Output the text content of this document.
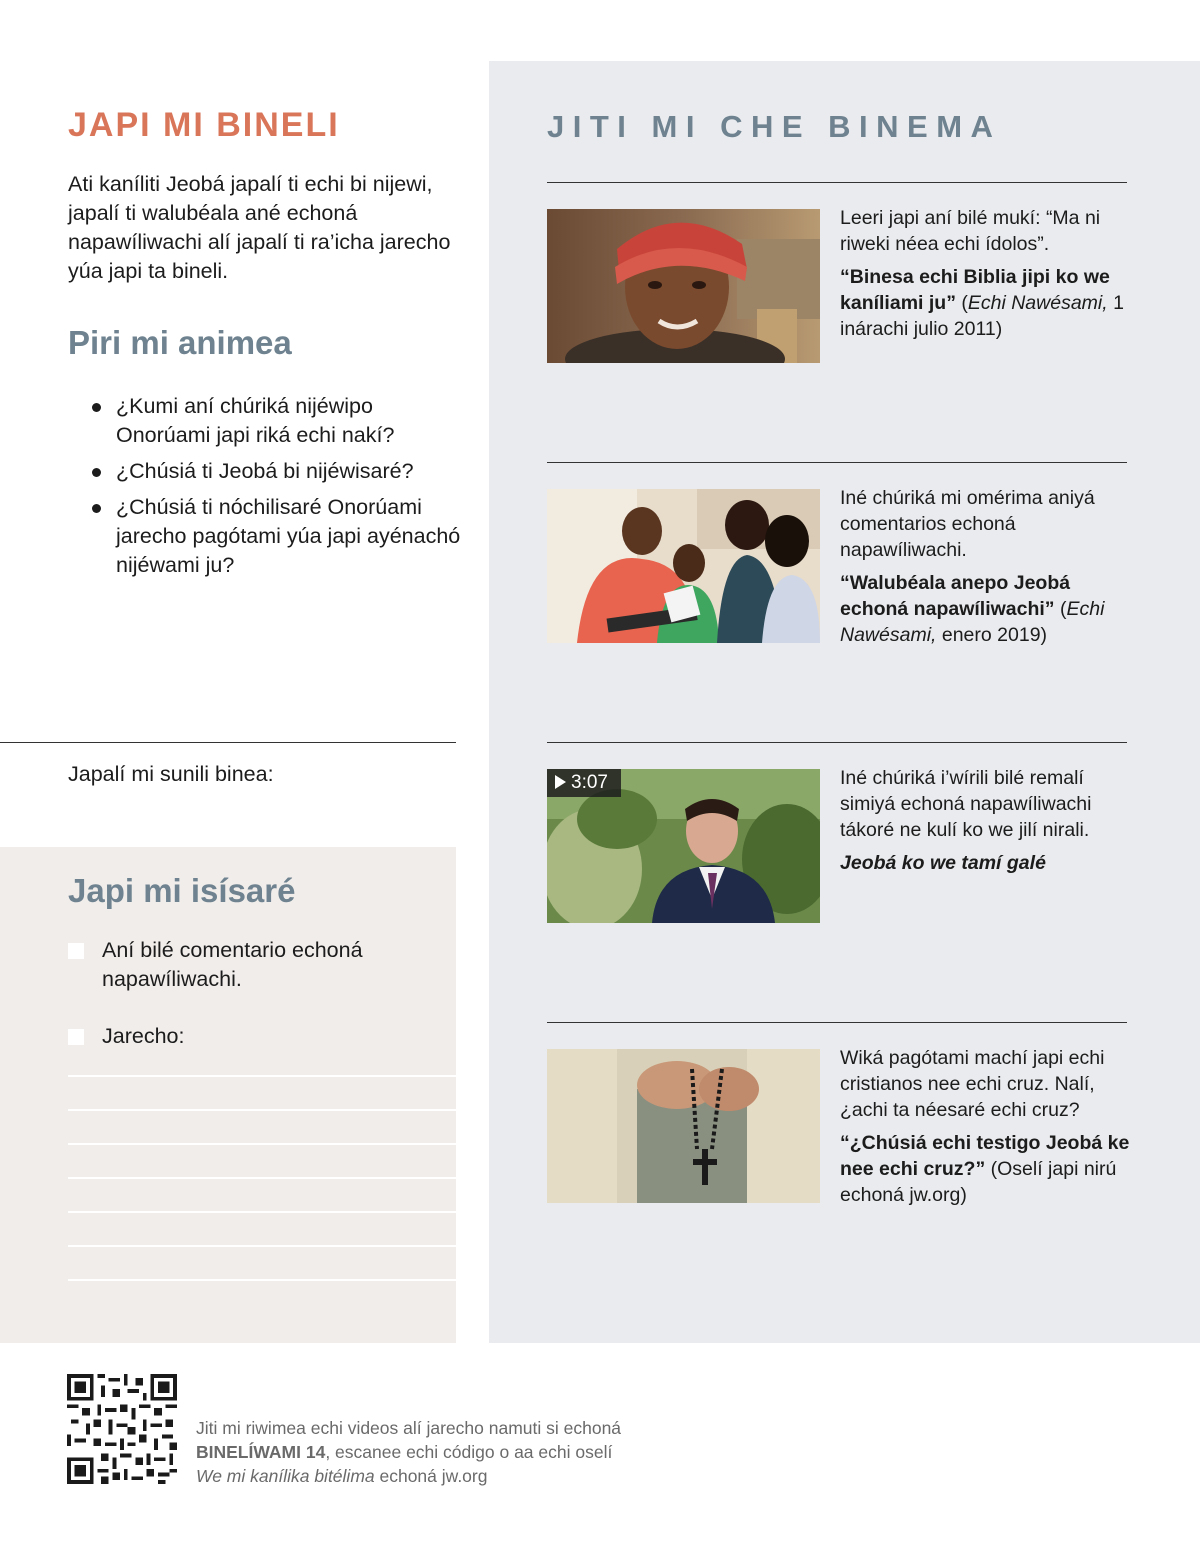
JAPI MI BINELI

Ati kaníliti Jeobá japalí ti echi bi nijewi, japalí ti walubéala ané echoná napawíliwachi alí japalí ti ra’icha jarecho yúa japi ta bineli.

Piri mi animea
¿Kumi aní chúriká nijéwipo Onorúami japi riká echi nakí?
¿Chúsiá ti Jeobá bi nijéwisaré?
¿Chúsiá ti nóchilisaré Onorúami jarecho pagótami yúa japi ayénachó nijéwami ju?
Japalí mi sunili binea:
Japi mi isísaré
Aní bilé comentario echoná napawíliwachi.
Jarecho:
JITI MI CHE BINEMA
Leeri japi aní bilé mukí: “Ma ni riweki néea echi ídolos”.
“Binesa echi Biblia jipi ko we kaníliami ju” (Echi Nawésami, 1 inárachi julio 2011)
Iné chúriká mi omérima aniyá comentarios echoná napawíliwachi.
“Walubéala anepo Jeobá echoná napawíliwachi” (Echi Nawésami, enero 2019)
3:07	Iné chúriká i’wírili bilé remalí simiyá echoná napawíliwachi tákoré ne kulí ko we jilí nirali.
Jeobá ko we tamí galé
Wiká pagótami machí japi echi cristianos nee echi cruz. Nalí, ¿achi ta néesaré echi cruz?
“¿Chúsiá echi testigo Jeobá ke nee echi cruz?” (Oselí japi nirú echoná jw.org)

Jiti mi riwimea echi videos alí jarecho namuti si echoná BINELÍWAMI 14, escanee echi código o aa echi oselí We mi kanílika bitélima echoná jw.org
